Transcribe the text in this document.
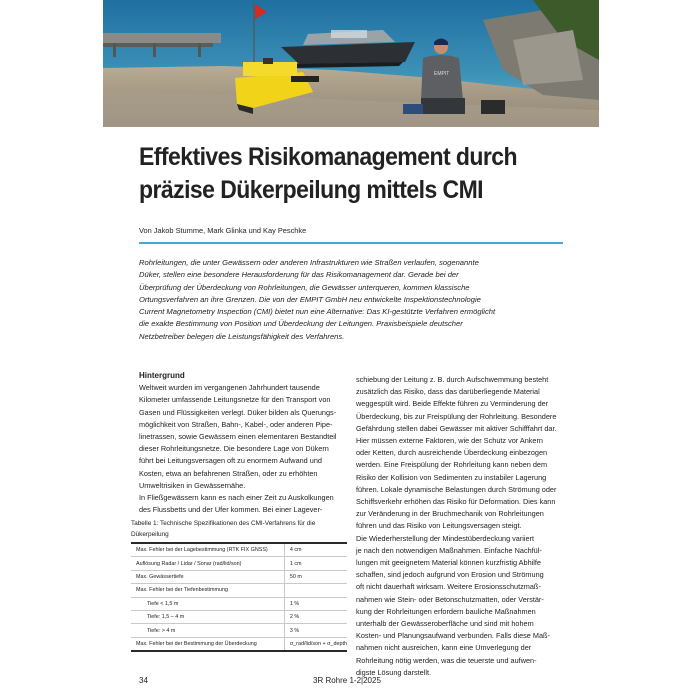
EMPIT
Effektives Risikomanagement durch
präzise Dükerpeilung mittels CMI
Von Jakob Stumme, Mark Glinka und Kay Peschke
Rohrleitungen, die unter Gewässern oder anderen Infrastrukturen wie Straßen verlaufen, sogenannte
Düker, stellen eine besondere Herausforderung für das Risikomanagement dar. Gerade bei der
Überprüfung der Überdeckung von Rohrleitungen, die Gewässer unterqueren, kommen klassische
Ortungsverfahren an ihre Grenzen. Die von der EMPIT GmbH neu entwickelte Inspektionstechnologie
Current Magnetometry Inspection (CMI) bietet nun eine Alternative: Das KI-gestützte Verfahren ermöglicht
die exakte Bestimmung von Position und Überdeckung der Leitungen. Praxisbeispiele deutscher
Netzbetreiber belegen die Leistungsfähigkeit des Verfahrens.
Hintergrund
Weltweit wurden im vergangenen Jahrhundert tausende
Kilometer umfassende Leitungsnetze für den Transport von
Gasen und Flüssigkeiten verlegt. Düker bilden als Querungs-
möglichkeit von Straßen, Bahn-, Kabel-, oder anderen Pipe-
linetrassen, sowie Gewässern einen elementaren Bestandteil
dieser Rohrleitungsnetze. Die besondere Lage von Dükern
führt bei Leitungsversagen oft zu enormem Aufwand und
Kosten, etwa an befahrenen Straßen, oder zu erhöhten
Umweltrisiken in Gewässernähe.
In Fließgewässern kann es nach einer Zeit zu Auskolkungen
des Flussbetts und der Ufer kommen. Bei einer Lagever-
Tabelle 1: Technische Spezifikationen des CMI-Verfahrens für die
Dükerpeilung
Max. Fehler bei der Lagebestimmung (RTK FIX GNSS)	4 cm
Auflösung Radar / Lidar / Sonar (rad/lid/son)	1 cm
Max. Gewässertiefe	50 m
Max. Fehler bei der Tiefenbestimmung	
Tiefe < 1,5 m	1 %
Tiefe: 1,5 – 4 m	2 %
Tiefe: > 4 m	3 %
Max. Fehler bei der Bestimmung der Überdeckung	σ_rad/lid/son + σ_depth
schiebung der Leitung z. B. durch Aufschwemmung besteht
zusätzlich das Risiko, dass das darüberliegende Material
weggespült wird. Beide Effekte führen zu Verminderung der
Überdeckung, bis zur Freispülung der Rohrleitung. Besondere
Gefährdung stellen dabei Gewässer mit aktiver Schifffahrt dar.
Hier müssen externe Faktoren, wie der Schutz vor Ankern
oder Ketten, durch ausreichende Überdeckung einbezogen
werden. Eine Freispülung der Rohrleitung kann neben dem
Risiko der Kollision von Sedimenten zu instabiler Lagerung
führen. Lokale dynamische Belastungen durch Strömung oder
Schiffsverkehr erhöhen das Risiko für Deformation. Dies kann
zur Veränderung in der Bruchmechanik von Rohrleitungen
führen und das Risiko von Leitungsversagen steigt.
Die Wiederherstellung der Mindestüberdeckung variiert
je nach den notwendigen Maßnahmen. Einfache Nachfül-
lungen mit geeignetem Material können kurzfristig Abhilfe
schaffen, sind jedoch aufgrund von Erosion und Strömung
oft nicht dauerhaft wirksam. Weitere Erosionsschutzmaß-
nahmen wie Stein- oder Betonschutzmatten, oder Verstär-
kung der Rohrleitungen erfordern bauliche Maßnahmen
unterhalb der Gewässeroberfläche und sind mit hohem
Kosten- und Planungsaufwand verbunden. Falls diese Maß-
nahmen nicht ausreichen, kann eine Umverlegung der
Rohrleitung nötig werden, was die teuerste und aufwen-
digste Lösung darstellt.
34	3R Rohre 1-2|2025
